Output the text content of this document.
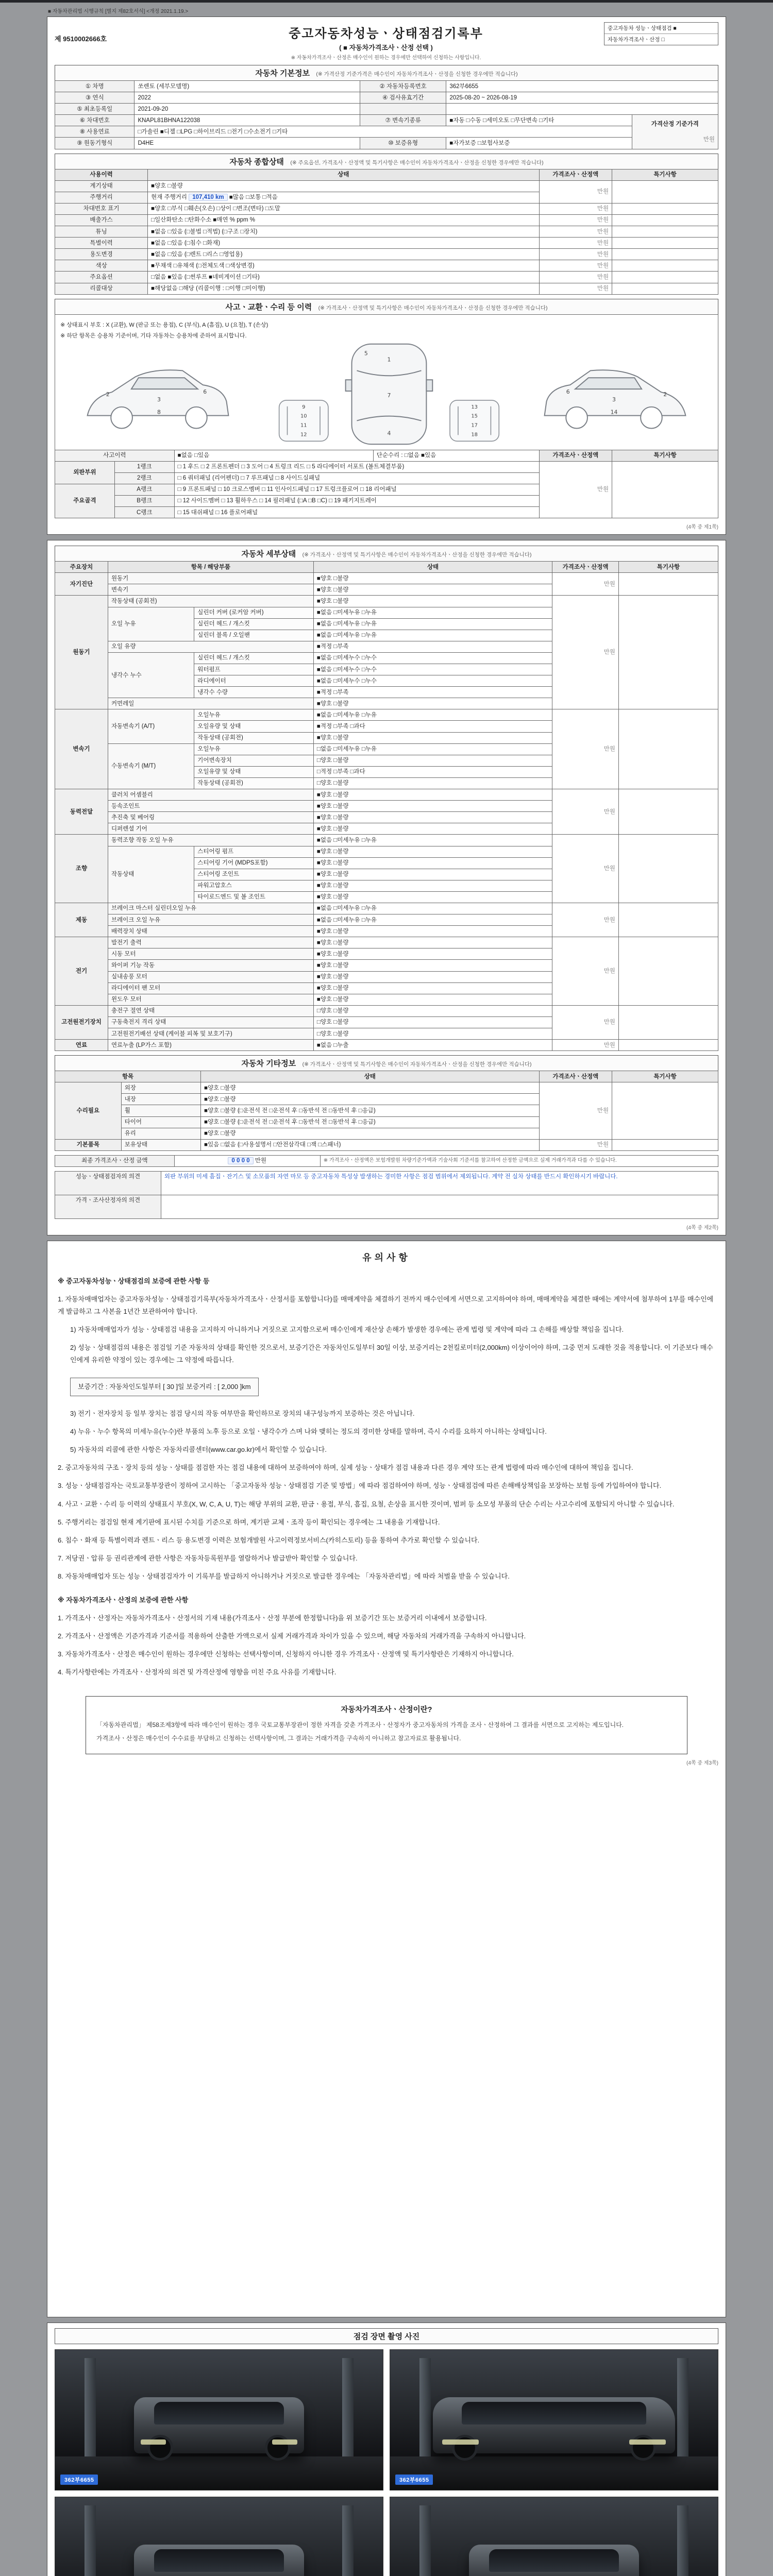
■ 자동차관리법 시행규칙 [별지 제82호서식] <개정 2021.1.19.>
제 9510002666호	중고자동차성능ㆍ상태점검기록부
( ■ 자동차가격조사ㆍ산정 선택 )
※ 자동차가격조사ㆍ산정은 매수인이 원하는 경우에만 선택하여 신청하는 사항입니다.
중고자동차 성능ㆍ상태점검 ■
자동차가격조사ㆍ산정 □
자동차 기본정보 (※ 가격산정 기준가격은 매수인이 자동차가격조사ㆍ산정을 신청한 경우에만 적습니다)
① 차명	쏘렌토 (세부모델명)	② 자동차등록번호	362부6655	
③ 연식	2022	④ 검사유효기간	2025-08-20 ~ 2026-08-19	
⑤ 최초등록일	2021-09-20			
⑥ 차대번호	KNAPL81BHNA122038	⑦ 변속기종류	■자동 □수동 □세미오토 □무단변속 □기타	가격산정 기준가격
만원

⑧ 사용연료	□가솔린 ■디젤 □LPG □하이브리드 □전기 □수소전기 □기타			
⑨ 원동기형식	D4HE	⑩ 보증유형	■자가보증 □보험사보증	
자동차 종합상태 (※ 주요옵션, 가격조사ㆍ산정액 및 특기사항은 매수인이 자동차가격조사ㆍ산정을 신청한 경우에만 적습니다)
사용이력	상태	가격조사ㆍ산정액	특기사항
계기상태	■양호 □불량	만원	
주행거리	현재 주행거리 107,410 km ■많음 □보통 □적음		
차대번호 표기	■양호 □부식 □훼손(오손) □상이 □변조(변타) □도말	만원	
배출가스	□일산화탄소 □탄화수소 ■매연 % ppm %	만원	
튜닝	■없음 □있음 (□불법 □적법) (□구조 □장치)	만원	
특별이력	■없음 □있음 (□침수 □화재)	만원	
용도변경	■없음 □있음 (□렌트 □리스 □영업용)	만원	
색상	■무채색 □유채색 (□전체도색 □색상변경)	만원	
주요옵션	□없음 ■있음 (□썬루프 ■네비게이션 □기타)	만원	
리콜대상	■해당없음 □해당 (리콜이행 : □이행 □미이행)	만원	
사고ㆍ교환ㆍ수리 등 이력 (※ 가격조사ㆍ산정액 및 특기사항은 매수인이 자동차가격조사ㆍ산정을 신청한 경우에만 적습니다)
※ 상태표시 부호 : X (교환), W (판금 또는 용접), C (부식), A (흠집), U (요철), T (손상)
※ 하단 항목은 승용차 기준이며, 기타 자동차는 승용차에 준하여 표시합니다.
2
3
6
8
1
7
4
5
9
10
11
12
13
15
17
18
2
3
6
14
사고이력		■없음 □있음	단순수리 : □없음 ■있음	가격조사ㆍ산정액	특기사항
외판부위	1랭크	□ 1 후드 □ 2 프론트펜더 □ 3 도어 □ 4 트렁크 리드 □ 5 라디에이터 서포트 (볼트체결부품)		만원	
	2랭크	□ 6 쿼터패널 (리어펜더) □ 7 루프패널 □ 8 사이드실패널			
주요골격	A랭크	□ 9 프론트패널 □ 10 크로스멤버 □ 11 인사이드패널 □ 17 트렁크플로어 □ 18 리어패널			
	B랭크	□ 12 사이드멤버 □ 13 휠하우스 □ 14 필러패널 (□A □B □C) □ 19 패키지트레이			
	C랭크	□ 15 대쉬패널 □ 16 플로어패널			
(4쪽 중 제1쪽)
자동차 세부상태 (※ 가격조사ㆍ산정액 및 특기사항은 매수인이 자동차가격조사ㆍ산정을 신청한 경우에만 적습니다)
주요장치	항목 / 해당부품		상태	가격조사ㆍ산정액	특기사항
자기진단	원동기		■양호 □불량	만원	
	변속기		■양호 □불량		
원동기	작동상태 (공회전)		■양호 □불량	만원	
	오일 누유	실린더 커버 (로커암 커버)	■없음 □미세누유 □누유		
		실린더 헤드 / 개스킷	■없음 □미세누유 □누유		
		실린더 블록 / 오일팬	■없음 □미세누유 □누유		
	오일 유량		■적정 □부족		
	냉각수 누수	실린더 헤드 / 개스킷	■없음 □미세누수 □누수		
		워터펌프	■없음 □미세누수 □누수		
		라디에이터	■없음 □미세누수 □누수		
		냉각수 수량	■적정 □부족		
	커먼레일		■양호 □불량		
변속기	자동변속기 (A/T)	오일누유	■없음 □미세누유 □누유	만원	
		오일유량 및 상태	■적정 □부족 □과다		
		작동상태 (공회전)	■양호 □불량		
	수동변속기 (M/T)	오일누유	□없음 □미세누유 □누유		
		기어변속장치	□양호 □불량		
		오일유량 및 상태	□적정 □부족 □과다		
		작동상태 (공회전)	□양호 □불량		
동력전달	클러치 어셈블리		■양호 □불량	만원	
	등속조인트		■양호 □불량		
	추진축 및 베어링		■양호 □불량		
	디퍼렌셜 기어		■양호 □불량		
조향	동력조향 작동 오일 누유		■없음 □미세누유 □누유	만원	
	작동상태	스티어링 펌프	■양호 □불량		
		스티어링 기어 (MDPS포함)	■양호 □불량		
		스티어링 조인트	■양호 □불량		
		파워고압호스	■양호 □불량		
		타이로드엔드 및 볼 조인트	■양호 □불량		
제동	브레이크 마스터 실린더오일 누유		■없음 □미세누유 □누유	만원	
	브레이크 오일 누유		■없음 □미세누유 □누유		
	배력장치 상태		■양호 □불량		
전기	발전기 출력		■양호 □불량	만원	
	시동 모터		■양호 □불량		
	와이퍼 기능 작동		■양호 □불량		
	실내송풍 모터		■양호 □불량		
	라디에이터 팬 모터		■양호 □불량		
	윈도우 모터		■양호 □불량		
고전원전기장치	충전구 절연 상태		□양호 □불량	만원	
	구동축전지 격리 상태		□양호 □불량		
	고전원전기배선 상태 (케이블 피복 및 보호기구)		□양호 □불량		
연료	연료누출 (LP가스 포함)		■없음 □누출	만원	
자동차 기타정보 (※ 가격조사ㆍ산정액 및 특기사항은 매수인이 자동차가격조사ㆍ산정을 신청한 경우에만 적습니다)
항목		상태	가격조사ㆍ산정액	특기사항
수리필요	외장	■양호 □불량	만원	
	내장	■양호 □불량		
	휠	■양호 □불량 (□운전석 전 □운전석 후 □동반석 전 □동반석 후 □응급)		
	타이어	■양호 □불량 (□운전석 전 □운전석 후 □동반석 전 □동반석 후 □응급)		
	유리	■양호 □불량		
기본품목	보유상태	■있음 □없음 (□사용설명서 □안전삼각대 □잭 □스패너)	만원	
최종 가격조사ㆍ산정 금액	0 0 0 0 만원	※ 가격조사ㆍ산정액은 보험개발원 차량기준가액과 기술사회 기준서를 참고하여 산정한 금액으로 실제 거래가격과 다를 수 있습니다.
성능ㆍ상태점검자의 의견	외판 부위의 미세 흠집ㆍ잔기스 및 소모품의 자연 마모 등 중고자동차 특성상 발생하는 경미한 사항은 점검 범위에서 제외됩니다. 계약 전 실차 상태를 반드시 확인하시기 바랍니다.
가격ㆍ조사산정자의 의견	
(4쪽 중 제2쪽)
유의사항
※ 중고자동차성능ㆍ상태점검의 보증에 관한 사항 등
1. 자동차매매업자는 중고자동차성능ㆍ상태점검기록부(자동차가격조사ㆍ산정서를 포함합니다)를 매매계약을 체결하기 전까지 매수인에게 서면으로 고지하여야 하며, 매매계약을 체결한 때에는 계약서에 첨부하여 1부를 매수인에게 발급하고 그 사본을 1년간 보관하여야 합니다.
1) 자동차매매업자가 성능ㆍ상태점검 내용을 고지하지 아니하거나 거짓으로 고지함으로써 매수인에게 재산상 손해가 발생한 경우에는 관계 법령 및 계약에 따라 그 손해를 배상할 책임을 집니다.
2) 성능ㆍ상태점검의 내용은 점검일 기준 자동차의 상태를 확인한 것으로서, 보증기간은 자동차인도일부터 30일 이상, 보증거리는 2천킬로미터(2,000km) 이상이어야 하며, 그중 먼저 도래한 것을 적용합니다. 이 기준보다 매수인에게 유리한 약정이 있는 경우에는 그 약정에 따릅니다.
보증기간 : 자동차인도일부터 [ 30 ]일 보증거리 : [ 2,000 ]km
3) 전기ㆍ전자장치 등 일부 장치는 점검 당시의 작동 여부만을 확인하므로 장치의 내구성능까지 보증하는 것은 아닙니다.
4) 누유ㆍ누수 항목의 미세누유(누수)란 부품의 노후 등으로 오일ㆍ냉각수가 스며 나와 맺히는 정도의 경미한 상태를 말하며, 즉시 수리를 요하지 아니하는 상태입니다.
5) 자동차의 리콜에 관한 사항은 자동차리콜센터(www.car.go.kr)에서 확인할 수 있습니다.
2. 중고자동차의 구조ㆍ장치 등의 성능ㆍ상태를 점검한 자는 점검 내용에 대하여 보증하여야 하며, 실제 성능ㆍ상태가 점검 내용과 다른 경우 계약 또는 관계 법령에 따라 매수인에 대하여 책임을 집니다.
3. 성능ㆍ상태점검자는 국토교통부장관이 정하여 고시하는 「중고자동차 성능ㆍ상태점검 기준 및 방법」에 따라 점검하여야 하며, 성능ㆍ상태점검에 따른 손해배상책임을 보장하는 보험 등에 가입하여야 합니다.
4. 사고ㆍ교환ㆍ수리 등 이력의 상태표시 부호(X, W, C, A, U, T)는 해당 부위의 교환, 판금ㆍ용접, 부식, 흠집, 요철, 손상을 표시한 것이며, 범퍼 등 소모성 부품의 단순 수리는 사고수리에 포함되지 아니할 수 있습니다.
5. 주행거리는 점검일 현재 계기판에 표시된 수치를 기준으로 하며, 계기판 교체ㆍ조작 등이 확인되는 경우에는 그 내용을 기재합니다.
6. 침수ㆍ화재 등 특별이력과 렌트ㆍ리스 등 용도변경 이력은 보험개발원 사고이력정보서비스(카히스토리) 등을 통하여 추가로 확인할 수 있습니다.
7. 저당권ㆍ압류 등 권리관계에 관한 사항은 자동차등록원부를 열람하거나 발급받아 확인할 수 있습니다.
8. 자동차매매업자 또는 성능ㆍ상태점검자가 이 기록부를 발급하지 아니하거나 거짓으로 발급한 경우에는 「자동차관리법」에 따라 처벌을 받을 수 있습니다.
※ 자동차가격조사ㆍ산정의 보증에 관한 사항
1. 가격조사ㆍ산정자는 자동차가격조사ㆍ산정서의 기재 내용(가격조사ㆍ산정 부분에 한정합니다)을 위 보증기간 또는 보증거리 이내에서 보증합니다.
2. 가격조사ㆍ산정액은 기준가격과 기준서를 적용하여 산출한 가액으로서 실제 거래가격과 차이가 있을 수 있으며, 해당 자동차의 거래가격을 구속하지 아니합니다.
3. 자동차가격조사ㆍ산정은 매수인이 원하는 경우에만 신청하는 선택사항이며, 신청하지 아니한 경우 가격조사ㆍ산정액 및 특기사항란은 기재하지 아니합니다.
4. 특기사항란에는 가격조사ㆍ산정자의 의견 및 가격산정에 영향을 미친 주요 사유를 기재합니다.
자동차가격조사ㆍ산정이란?

「자동차관리법」 제58조제3항에 따라 매수인이 원하는 경우 국토교통부장관이 정한 자격을 갖춘 가격조사ㆍ산정자가 중고자동차의 가격을 조사ㆍ산정하여 그 결과를 서면으로 고지하는 제도입니다.

가격조사ㆍ산정은 매수인이 수수료를 부담하고 신청하는 선택사항이며, 그 결과는 거래가격을 구속하지 아니하고 참고자료로 활용됩니다.

(4쪽 중 제3쪽)
점검 장면 촬영 사진
362부6655	362부6655
